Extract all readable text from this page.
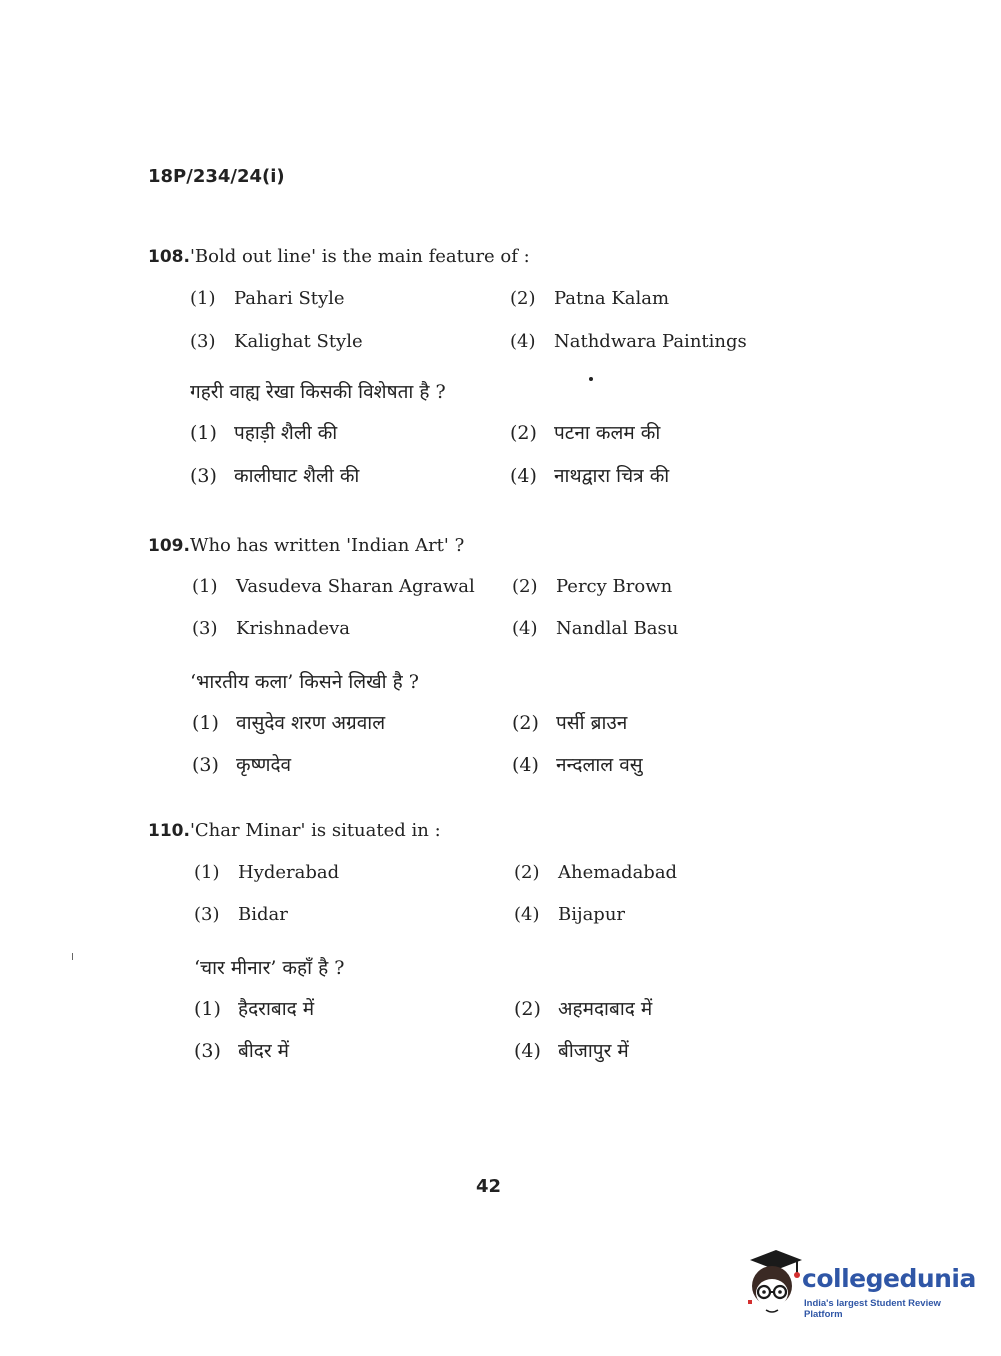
18P/234/24(i)
108.'Bold out line' is the main feature of :
(1) Pahari Style	(2) Patna Kalam
(3) Kalighat Style	(4) Nathdwara Paintings
गहरी वाह्य रेखा किसकी विशेषता है ?
(1) पहाड़ी शैली की	(2) पटना कलम की
(3) कालीघाट शैली की	(4) नाथद्वारा चित्र की
109.Who has written 'Indian Art' ?
(1) Vasudeva Sharan Agrawal (2) Percy Brown
(3) Krishnadeva	(4) Nandlal Basu
‘भारतीय कला’ किसने लिखी है ?
(1) वासुदेव शरण अग्रवाल	(2) पर्सी ब्राउन
(3) कृष्णदेव	(4) नन्दलाल वसु
110.'Char Minar' is situated in :
(1) Hyderabad	(2) Ahemadabad
(3) Bidar	(4) Bijapur
‘चार मीनार’ कहाँ है ?
(1) हैदराबाद में	(2) अहमदाबाद में
(3) बीदर में	(4) बीजापुर में
42
collegedunia
India's largest Student Review Platform
